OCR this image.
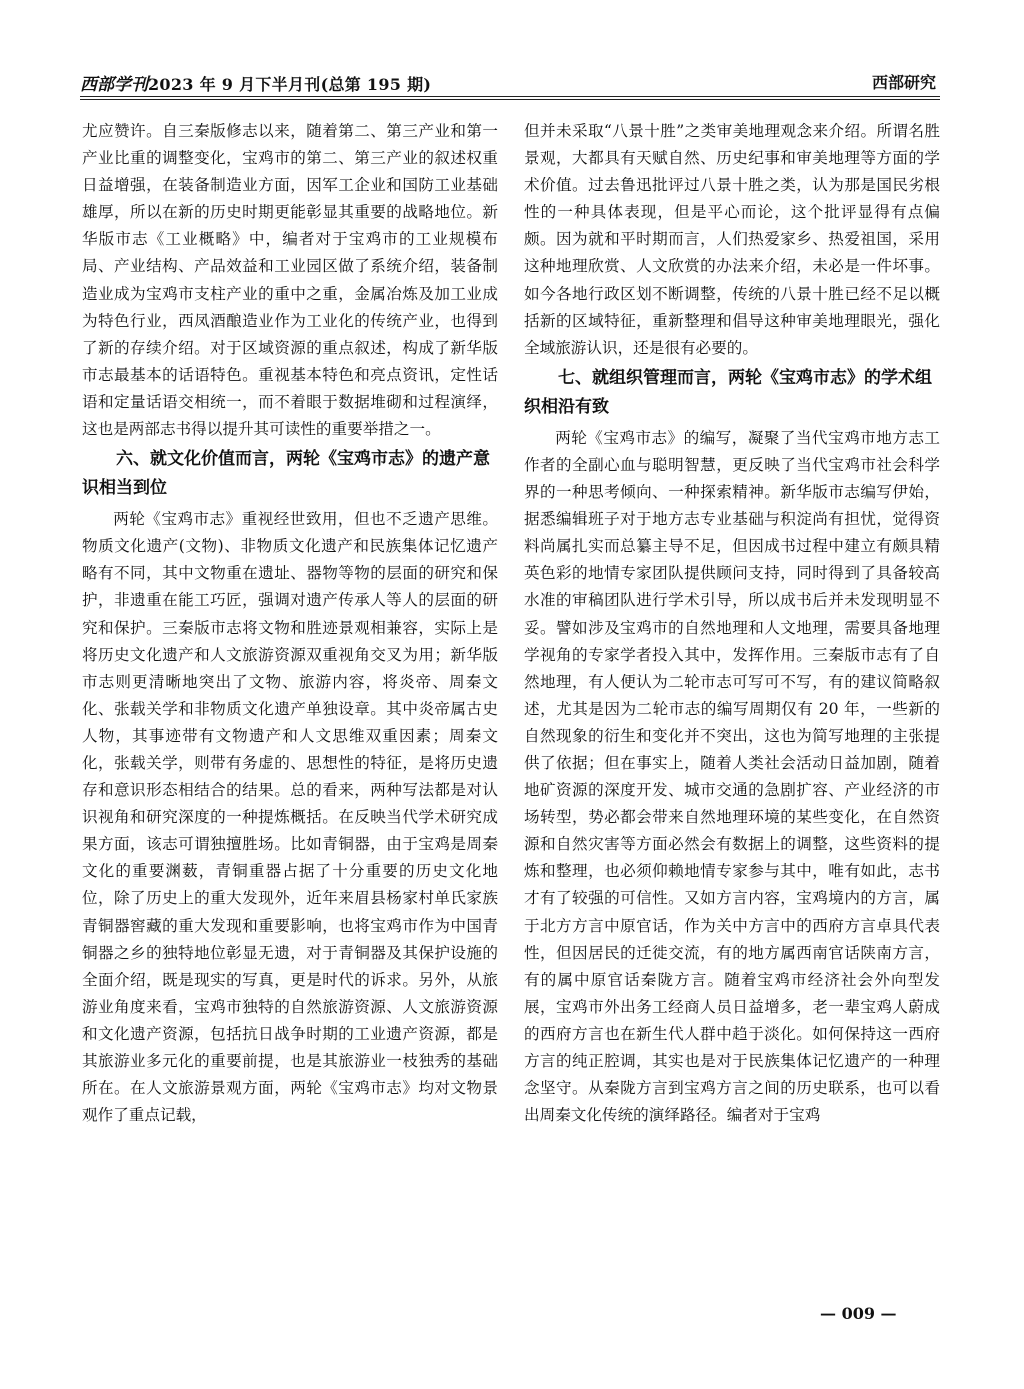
西部学刊2023 年 9 月下半月刊(总第 195 期)	西部研究

尤应赞许。自三秦版修志以来，随着第二、第三产业和第一产业比重的调整变化，宝鸡市的第二、第三产业的叙述权重日益增强，在装备制造业方面，因军工企业和国防工业基础雄厚，所以在新的历史时期更能彰显其重要的战略地位。新华版市志《工业概略》中，编者对于宝鸡市的工业规模布局、产业结构、产品效益和工业园区做了系统介绍，装备制造业成为宝鸡市支柱产业的重中之重，金属冶炼及加工业成为特色行业，西凤酒酿造业作为工业化的传统产业，也得到了新的存续介绍。对于区域资源的重点叙述，构成了新华版市志最基本的话语特色。重视基本特色和亮点资讯，定性话语和定量话语交相统一，而不着眼于数据堆砌和过程演绎，这也是两部志书得以提升其可读性的重要举措之一。

六、就文化价值而言，两轮《宝鸡市志》的遗产意识相当到位

两轮《宝鸡市志》重视经世致用，但也不乏遗产思维。物质文化遗产(文物)、非物质文化遗产和民族集体记忆遗产略有不同，其中文物重在遗址、器物等物的层面的研究和保护，非遗重在能工巧匠，强调对遗产传承人等人的层面的研究和保护。三秦版市志将文物和胜迹景观相兼容，实际上是将历史文化遗产和人文旅游资源双重视角交叉为用；新华版市志则更清晰地突出了文物、旅游内容，将炎帝、周秦文化、张载关学和非物质文化遗产单独设章。其中炎帝属古史人物，其事迹带有文物遗产和人文思维双重因素；周秦文化，张载关学，则带有务虚的、思想性的特征，是将历史遗存和意识形态相结合的结果。总的看来，两种写法都是对认识视角和研究深度的一种提炼概括。在反映当代学术研究成果方面，该志可谓独擅胜场。比如青铜器，由于宝鸡是周秦文化的重要渊薮，青铜重器占据了十分重要的历史文化地位，除了历史上的重大发现外，近年来眉县杨家村单氏家族青铜器窖藏的重大发现和重要影响，也将宝鸡市作为中国青铜器之乡的独特地位彰显无遗，对于青铜器及其保护设施的全面介绍，既是现实的写真，更是时代的诉求。另外，从旅游业角度来看，宝鸡市独特的自然旅游资源、人文旅游资源和文化遗产资源，包括抗日战争时期的工业遗产资源，都是其旅游业多元化的重要前提，也是其旅游业一枝独秀的基础所在。在人文旅游景观方面，两轮《宝鸡市志》均对文物景观作了重点记载，

但并未采取“八景十胜”之类审美地理观念来介绍。所谓名胜景观，大都具有天赋自然、历史纪事和审美地理等方面的学术价值。过去鲁迅批评过八景十胜之类，认为那是国民劣根性的一种具体表现，但是平心而论，这个批评显得有点偏颇。因为就和平时期而言，人们热爱家乡、热爱祖国，采用这种地理欣赏、人文欣赏的办法来介绍，未必是一件坏事。如今各地行政区划不断调整，传统的八景十胜已经不足以概括新的区域特征，重新整理和倡导这种审美地理眼光，强化全域旅游认识，还是很有必要的。

七、就组织管理而言，两轮《宝鸡市志》的学术组织相沿有致

两轮《宝鸡市志》的编写，凝聚了当代宝鸡市地方志工作者的全副心血与聪明智慧，更反映了当代宝鸡市社会科学界的一种思考倾向、一种探索精神。新华版市志编写伊始，据悉编辑班子对于地方志专业基础与积淀尚有担忧，觉得资料尚属扎实而总纂主导不足，但因成书过程中建立有颇具精英色彩的地情专家团队提供顾问支持，同时得到了具备较高水准的审稿团队进行学术引导，所以成书后并未发现明显不妥。譬如涉及宝鸡市的自然地理和人文地理，需要具备地理学视角的专家学者投入其中，发挥作用。三秦版市志有了自然地理，有人便认为二轮市志可写可不写，有的建议简略叙述，尤其是因为二轮市志的编写周期仅有 20 年，一些新的自然现象的衍生和变化并不突出，这也为简写地理的主张提供了依据；但在事实上，随着人类社会活动日益加剧，随着地矿资源的深度开发、城市交通的急剧扩容、产业经济的市场转型，势必都会带来自然地理环境的某些变化，在自然资源和自然灾害等方面必然会有数据上的调整，这些资料的提炼和整理，也必须仰赖地情专家参与其中，唯有如此，志书才有了较强的可信性。又如方言内容，宝鸡境内的方言，属于北方方言中原官话，作为关中方言中的西府方言卓具代表性，但因居民的迁徙交流，有的地方属西南官话陕南方言，有的属中原官话秦陇方言。随着宝鸡市经济社会外向型发展，宝鸡市外出务工经商人员日益增多，老一辈宝鸡人蔚成的西府方言也在新生代人群中趋于淡化。如何保持这一西府方言的纯正腔调，其实也是对于民族集体记忆遗产的一种理念坚守。从秦陇方言到宝鸡方言之间的历史联系，也可以看出周秦文化传统的演绎路径。编者对于宝鸡

— 009 —
